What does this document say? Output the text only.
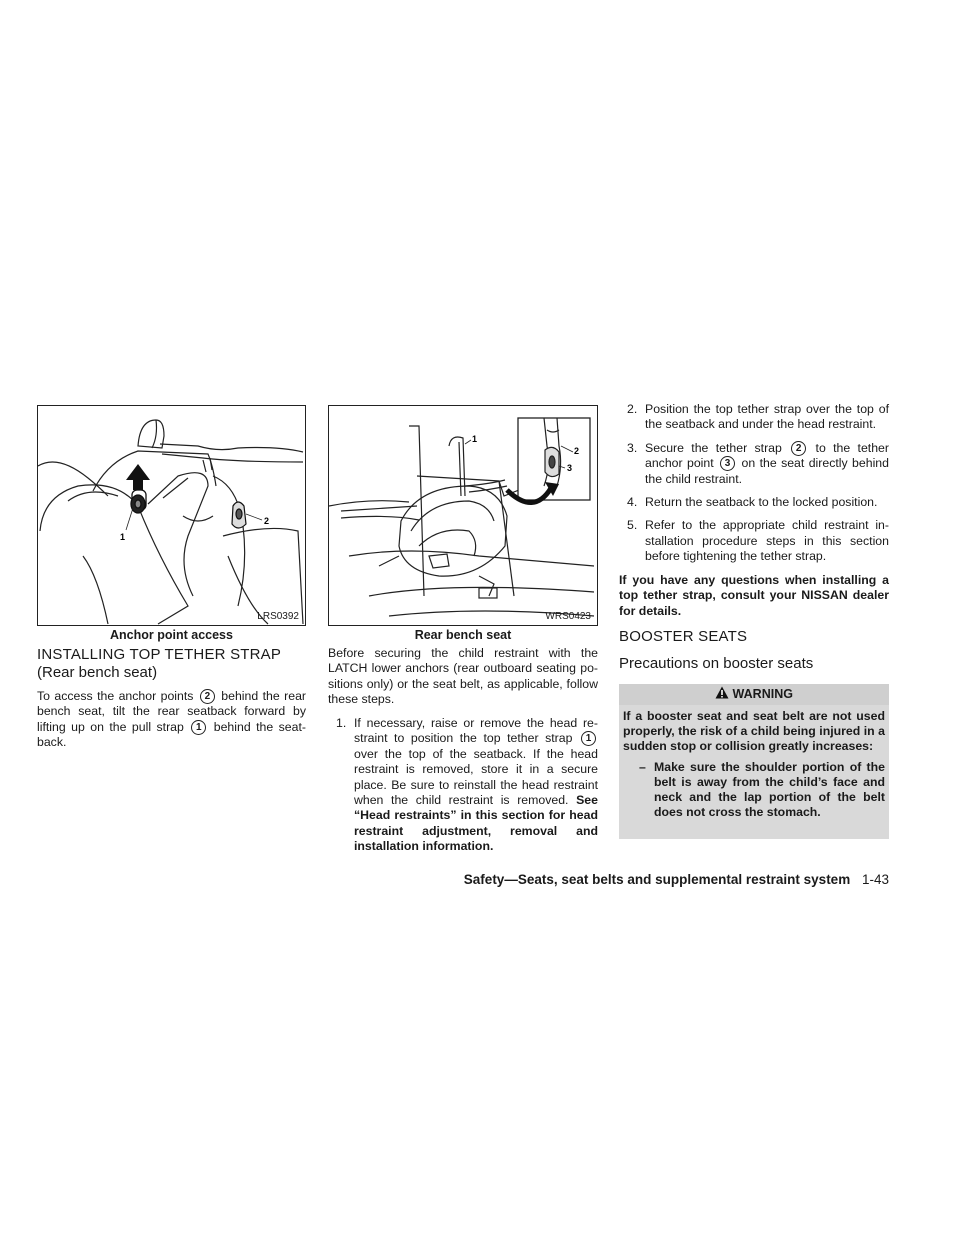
1
2
LRS0392
Anchor point access
2
3
1
WRS0423
Rear bench seat
INSTALLING TOP TETHER STRAP
(Rear bench seat)
To access the anchor points 2 behind the rear bench seat, tilt the rear seatback forward by lifting up on the pull strap 1 behind the seat-back.
Before securing the child restraint with the LATCH lower anchors (rear outboard seating po-sitions only) or the seat belt, as applicable, follow these steps.
1. If necessary, raise or remove the head re-straint to position the top tether strap 1 over the top of the seatback. If the head restraint is removed, store it in a secure place. Be sure to reinstall the head restraint when the child restraint is removed. See “Head restraints” in this section for head restraint adjustment, removal and installation information.
2. Position the top tether strap over the top of the seatback and under the head restraint.
3. Secure the tether strap 2 to the tether anchor point 3 on the seat directly behind the child restraint.
4. Return the seatback to the locked position.
5. Refer to the appropriate child restraint in-stallation procedure steps in this section before tightening the tether strap.
If you have any questions when installing a top tether strap, consult your NISSAN dealer for details.
BOOSTER SEATS
Precautions on booster seats
WARNING
If a booster seat and seat belt are not used properly, the risk of a child being injured in a sudden stop or collision greatly increases:
– Make sure the shoulder portion of the belt is away from the child’s face and neck and the lap portion of the belt does not cross the stomach.
Safety—Seats, seat belts and supplemental restraint system 1-43
